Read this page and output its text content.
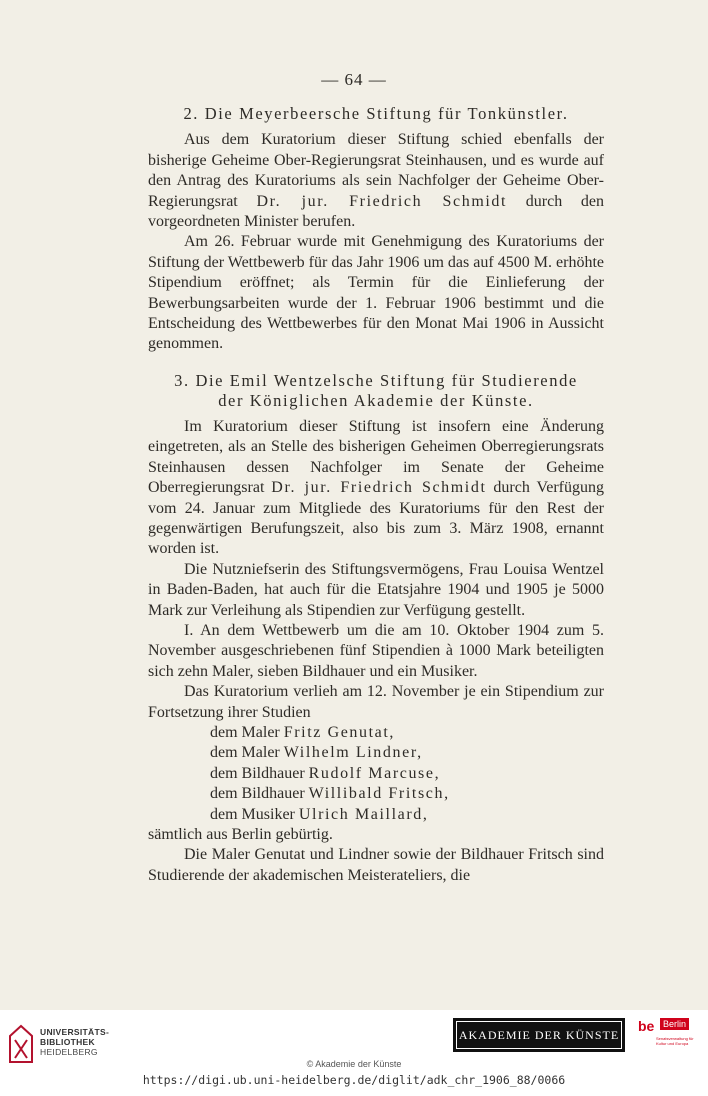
— 64 —
2. Die Meyerbeersche Stiftung für Tonkünstler.

Aus dem Kuratorium dieser Stiftung schied ebenfalls der bisherige Geheime Ober-Regierungsrat Steinhausen, und es wurde auf den Antrag des Kuratoriums als sein Nachfolger der Geheime Ober-Regierungsrat Dr. jur. Friedrich Schmidt durch den vorgeordneten Minister berufen.

Am 26. Februar wurde mit Genehmigung des Kuratoriums der Stiftung der Wettbewerb für das Jahr 1906 um das auf 4500 M. erhöhte Stipendium eröffnet; als Termin für die Einlieferung der Bewerbungsarbeiten wurde der 1. Februar 1906 bestimmt und die Entscheidung des Wettbewerbes für den Monat Mai 1906 in Aussicht genommen.

3. Die Emil Wentzelsche Stiftung für Studierende
der Königlichen Akademie der Künste.

Im Kuratorium dieser Stiftung ist insofern eine Änderung eingetreten, als an Stelle des bisherigen Geheimen Oberregierungsrats Steinhausen dessen Nachfolger im Senate der Geheime Oberregierungsrat Dr. jur. Friedrich Schmidt durch Verfügung vom 24. Januar zum Mitgliede des Kuratoriums für den Rest der gegenwärtigen Berufungszeit, also bis zum 3. März 1908, ernannt worden ist.

Die Nutzniefserin des Stiftungsvermögens, Frau Louisa Wentzel in Baden-Baden, hat auch für die Etatsjahre 1904 und 1905 je 5000 Mark zur Verleihung als Stipendien zur Verfügung gestellt.

I. An dem Wettbewerb um die am 10. Oktober 1904 zum 5. November ausgeschriebenen fünf Stipendien à 1000 Mark beteiligten sich zehn Maler, sieben Bildhauer und ein Musiker.

Das Kuratorium verlieh am 12. November je ein Stipendium zur Fortsetzung ihrer Studien

dem Maler Fritz Genutat,
dem Maler Wilhelm Lindner,
dem Bildhauer Rudolf Marcuse,
dem Bildhauer Willibald Fritsch,
dem Musiker Ulrich Maillard,

sämtlich aus Berlin gebürtig.

Die Maler Genutat und Lindner sowie der Bildhauer Fritsch sind Studierende der akademischen Meisterateliers, die

UNIVERSITÄTS-
BIBLIOTHEK
HEIDELBERG
AKADEMIE DER KÜNSTE
be Berlin
Senatsverwaltung für Kultur und Europa
© Akademie der Künste
https://digi.ub.uni-heidelberg.de/diglit/adk_chr_1906_88/0066
